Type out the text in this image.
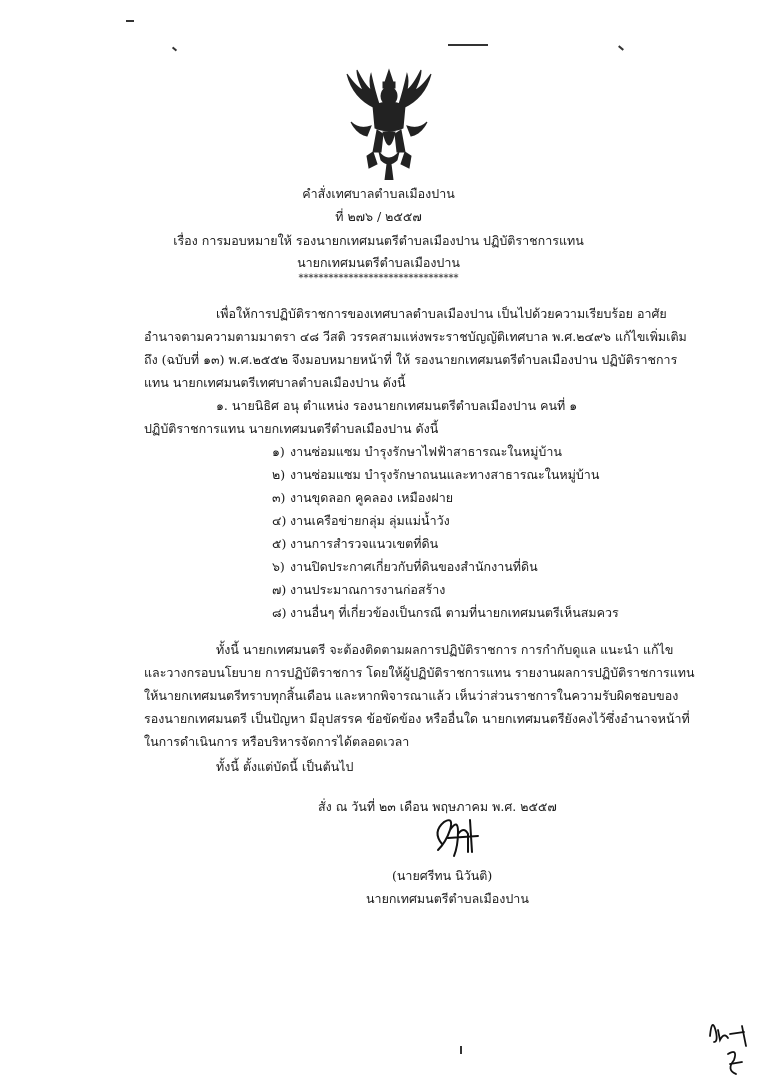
คำสั่งเทศบาลตำบลเมืองปาน
ที่ ๒๗๖ / ๒๕๕๗
เรื่อง การมอบหมายให้ รองนายกเทศมนตรีตำบลเมืองปาน ปฏิบัติราชการแทน
นายกเทศมนตรีตำบลเมืองปาน
********************************
เพื่อให้การปฏิบัติราชการของเทศบาลตำบลเมืองปาน เป็นไปด้วยความเรียบร้อย อาศัย
อำนาจตามความตามมาตรา ๔๘ วีสติ วรรคสามแห่งพระราชบัญญัติเทศบาล พ.ศ.๒๔๙๖ แก้ไขเพิ่มเติม
ถึง (ฉบับที่ ๑๓) พ.ศ.๒๕๕๒ จึงมอบหมายหน้าที่ ให้ รองนายกเทศมนตรีตำบลเมืองปาน ปฏิบัติราชการ
แทน นายกเทศมนตรีเทศบาลตำบลเมืองปาน ดังนี้
๑. นายนิธิศ อนุ ตำแหน่ง รองนายกเทศมนตรีตำบลเมืองปาน คนที่ ๑
ปฏิบัติราชการแทน นายกเทศมนตรีตำบลเมืองปาน ดังนี้
๑) งานซ่อมแซม บำรุงรักษาไฟฟ้าสาธารณะในหมู่บ้าน
๒) งานซ่อมแซม บำรุงรักษาถนนและทางสาธารณะในหมู่บ้าน
๓) งานขุดลอก คูคลอง เหมืองฝาย
๔) งานเครือข่ายกลุ่ม ลุ่มแม่น้ำวัง
๕) งานการสำรวจแนวเขตที่ดิน
๖) งานปิดประกาศเกี่ยวกับที่ดินของสำนักงานที่ดิน
๗) งานประมาณการงานก่อสร้าง
๘) งานอื่นๆ ที่เกี่ยวข้องเป็นกรณี ตามที่นายกเทศมนตรีเห็นสมควร
ทั้งนี้ นายกเทศมนตรี จะต้องติดตามผลการปฏิบัติราชการ การกำกับดูแล แนะนำ แก้ไข
และวางกรอบนโยบาย การปฏิบัติราชการ โดยให้ผู้ปฏิบัติราชการแทน รายงานผลการปฏิบัติราชการแทน
ให้นายกเทศมนตรีทราบทุกสิ้นเดือน และหากพิจารณาแล้ว เห็นว่าส่วนราชการในความรับผิดชอบของ
รองนายกเทศมนตรี เป็นปัญหา มีอุปสรรค ข้อขัดข้อง หรืออื่นใด นายกเทศมนตรียังคงไว้ซึ่งอำนาจหน้าที่
ในการดำเนินการ หรือบริหารจัดการได้ตลอดเวลา
ทั้งนี้ ตั้งแต่บัดนี้ เป็นต้นไป
สั่ง ณ วันที่ ๒๓ เดือน พฤษภาคม พ.ศ. ๒๕๕๗
(นายศรีทน นิวันติ)
นายกเทศมนตรีตำบลเมืองปาน
